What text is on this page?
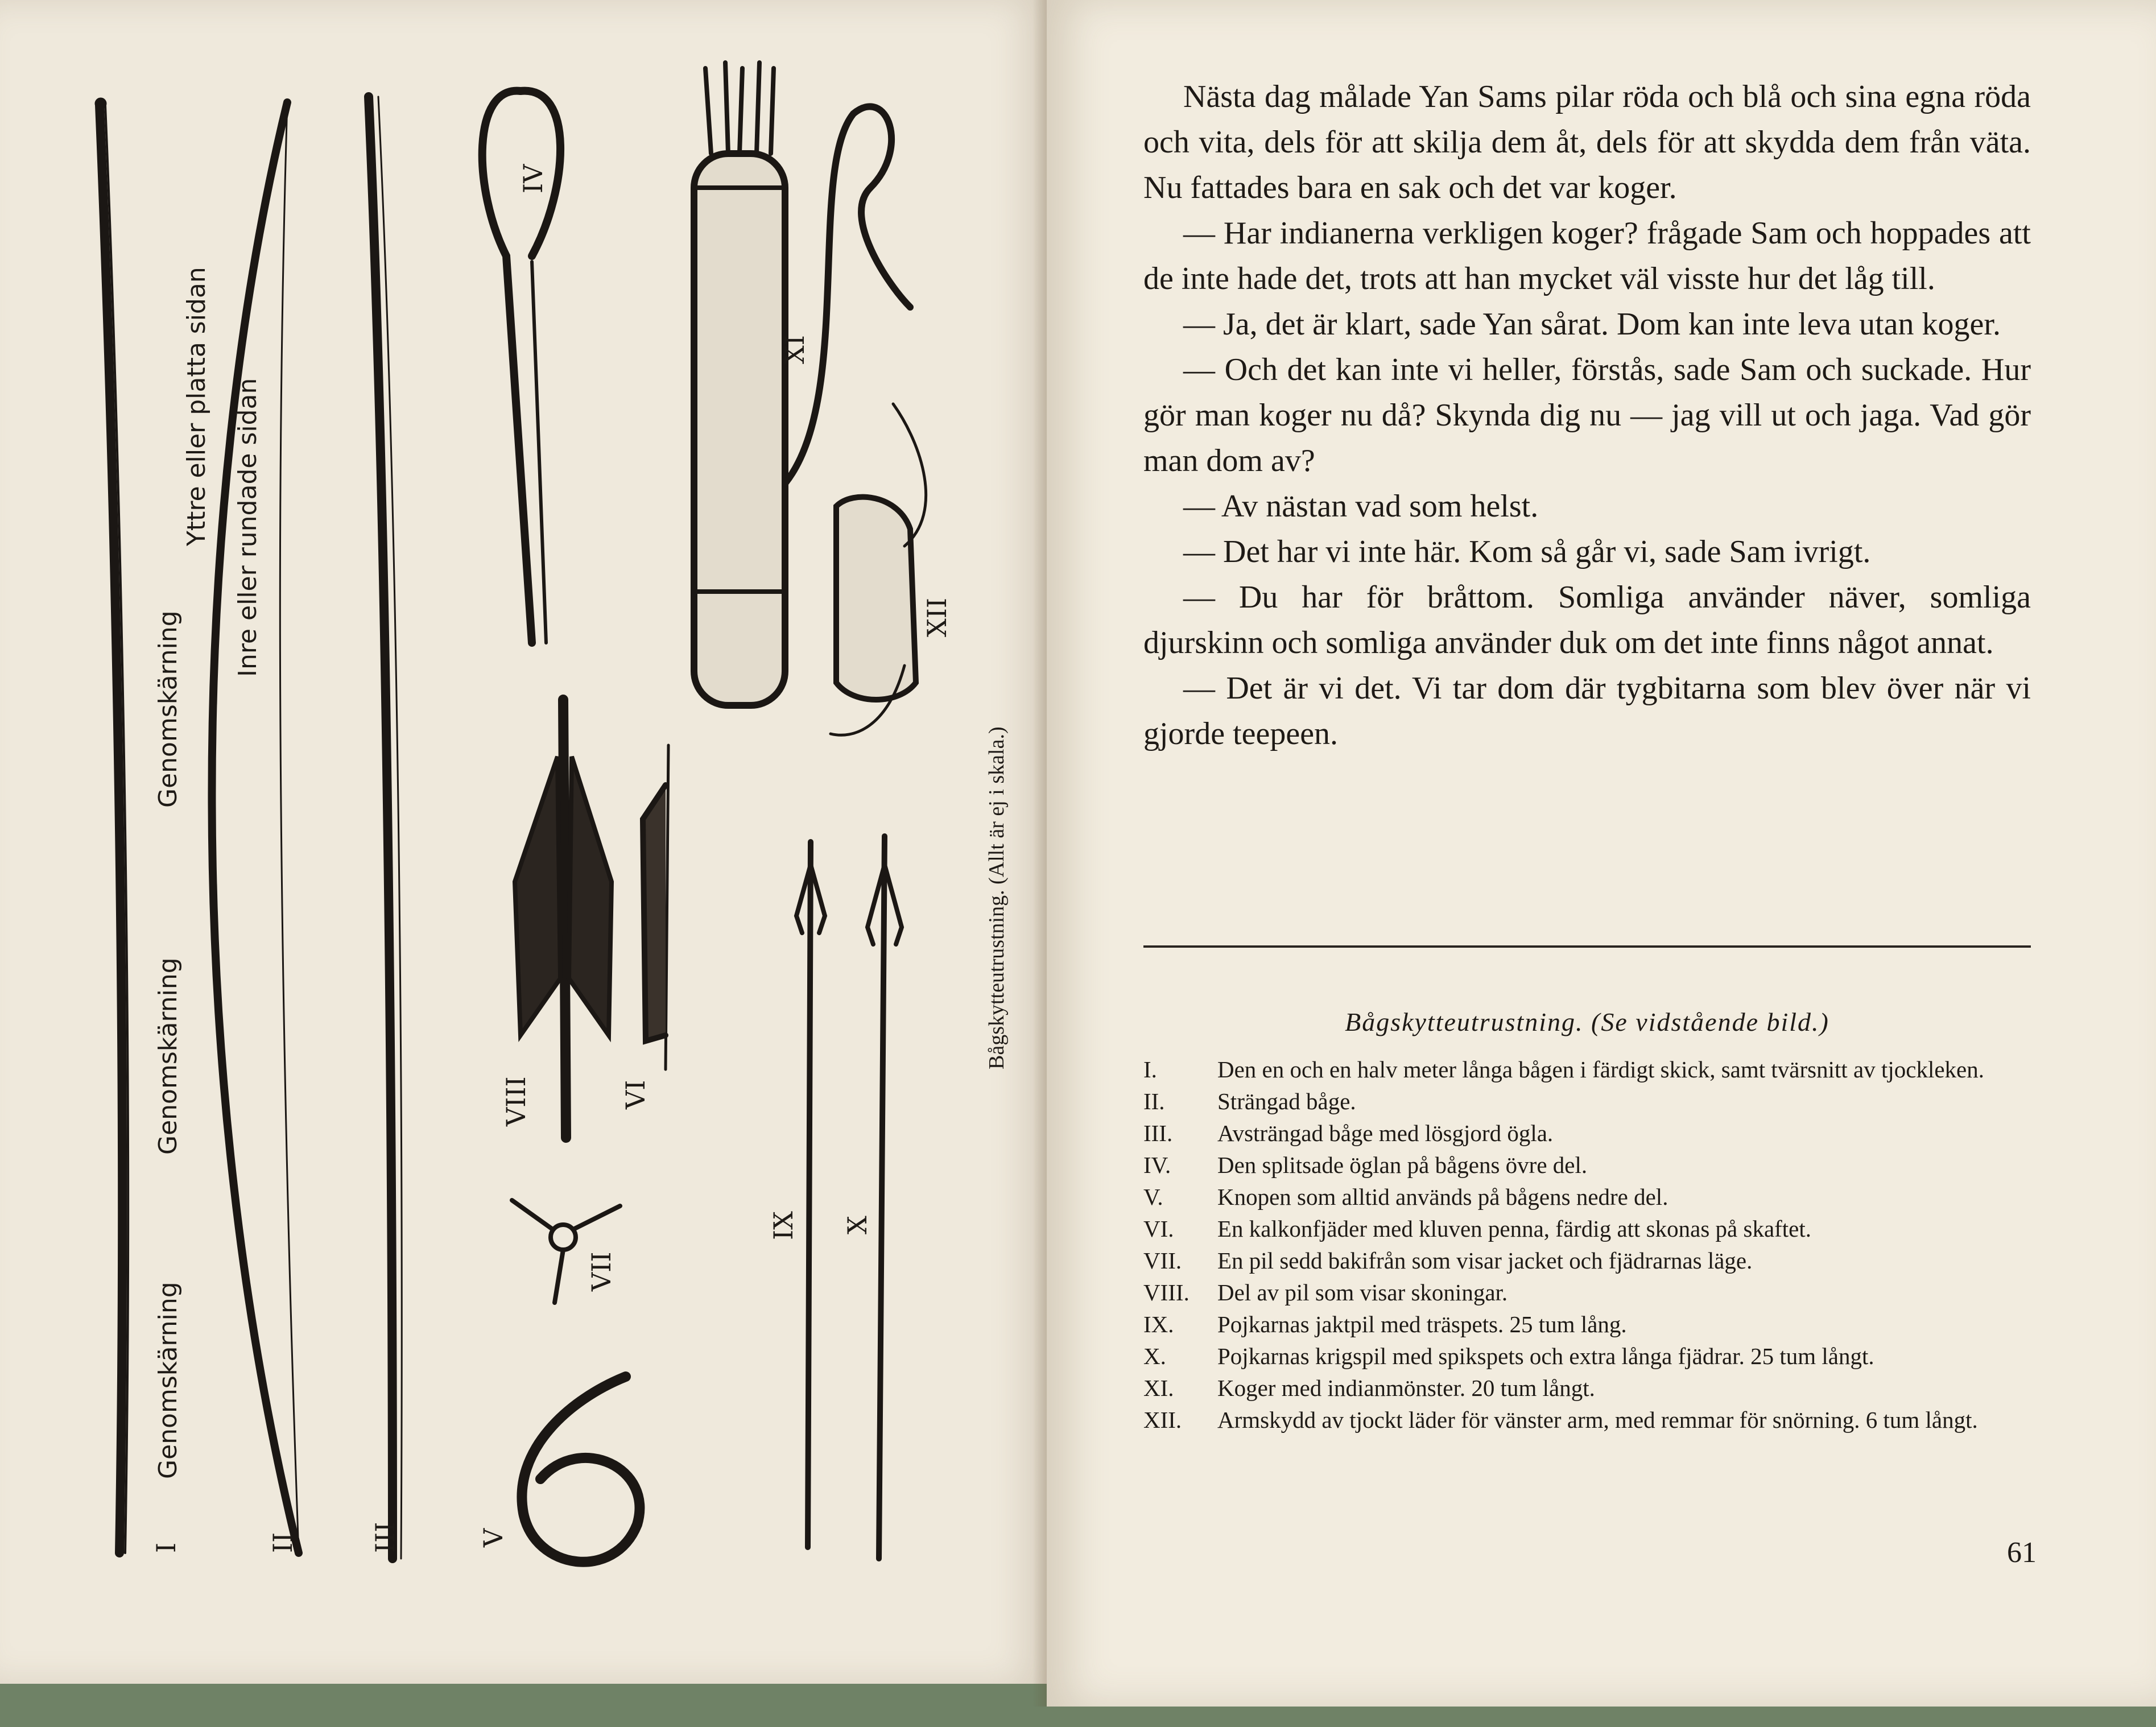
Genomskärning
Genomskärning
Genomskärning
Yttre eller platta sidan Inre eller rundade sidan
Bågskytteutrustning. (Allt är ej i skala.)
I	II	III
IV
V
VI
VII
VIII
IX X
XI
XII

Nästa dag målade Yan Sams pilar röda och blå och sina egna röda och vita, dels för att skilja dem åt, dels för att skydda dem från väta. Nu fattades bara en sak och det var koger.

— Har indianerna verkligen koger? frågade Sam och hoppades att de inte hade det, trots att han mycket väl visste hur det låg till.

— Ja, det är klart, sade Yan sårat. Dom kan inte leva utan koger.

— Och det kan inte vi heller, förstås, sade Sam och suckade. Hur gör man koger nu då? Skynda dig nu — jag vill ut och jaga. Vad gör man dom av?

— Av nästan vad som helst.

— Det har vi inte här. Kom så går vi, sade Sam ivrigt.

— Du har för bråttom. Somliga använder näver, somliga djurskinn och somliga använder duk om det inte finns något annat.

— Det är vi det. Vi tar dom där tygbitarna som blev över när vi gjorde teepeen.

Bågskytteutrustning. (Se vidstående bild.)
I.	Den en och en halv meter långa bågen i färdigt skick, samt tvärsnitt av tjockleken.
II.	Strängad båge.
III.	Avsträngad båge med lösgjord ögla.
IV.	Den splitsade öglan på bågens övre del.
V.	Knopen som alltid används på bågens nedre del.
VI.	En kalkonfjäder med kluven penna, färdig att skonas på skaftet.
VII.	En pil sedd bakifrån som visar jacket och fjädrarnas läge.
VIII.	Del av pil som visar skoningar.
IX.	Pojkarnas jaktpil med träspets. 25 tum lång.
X.	Pojkarnas krigspil med spikspets och extra långa fjädrar. 25 tum långt.
XI.	Koger med indianmönster. 20 tum långt.
XII.	Armskydd av tjockt läder för vänster arm, med remmar för snörning. 6 tum långt.
61
